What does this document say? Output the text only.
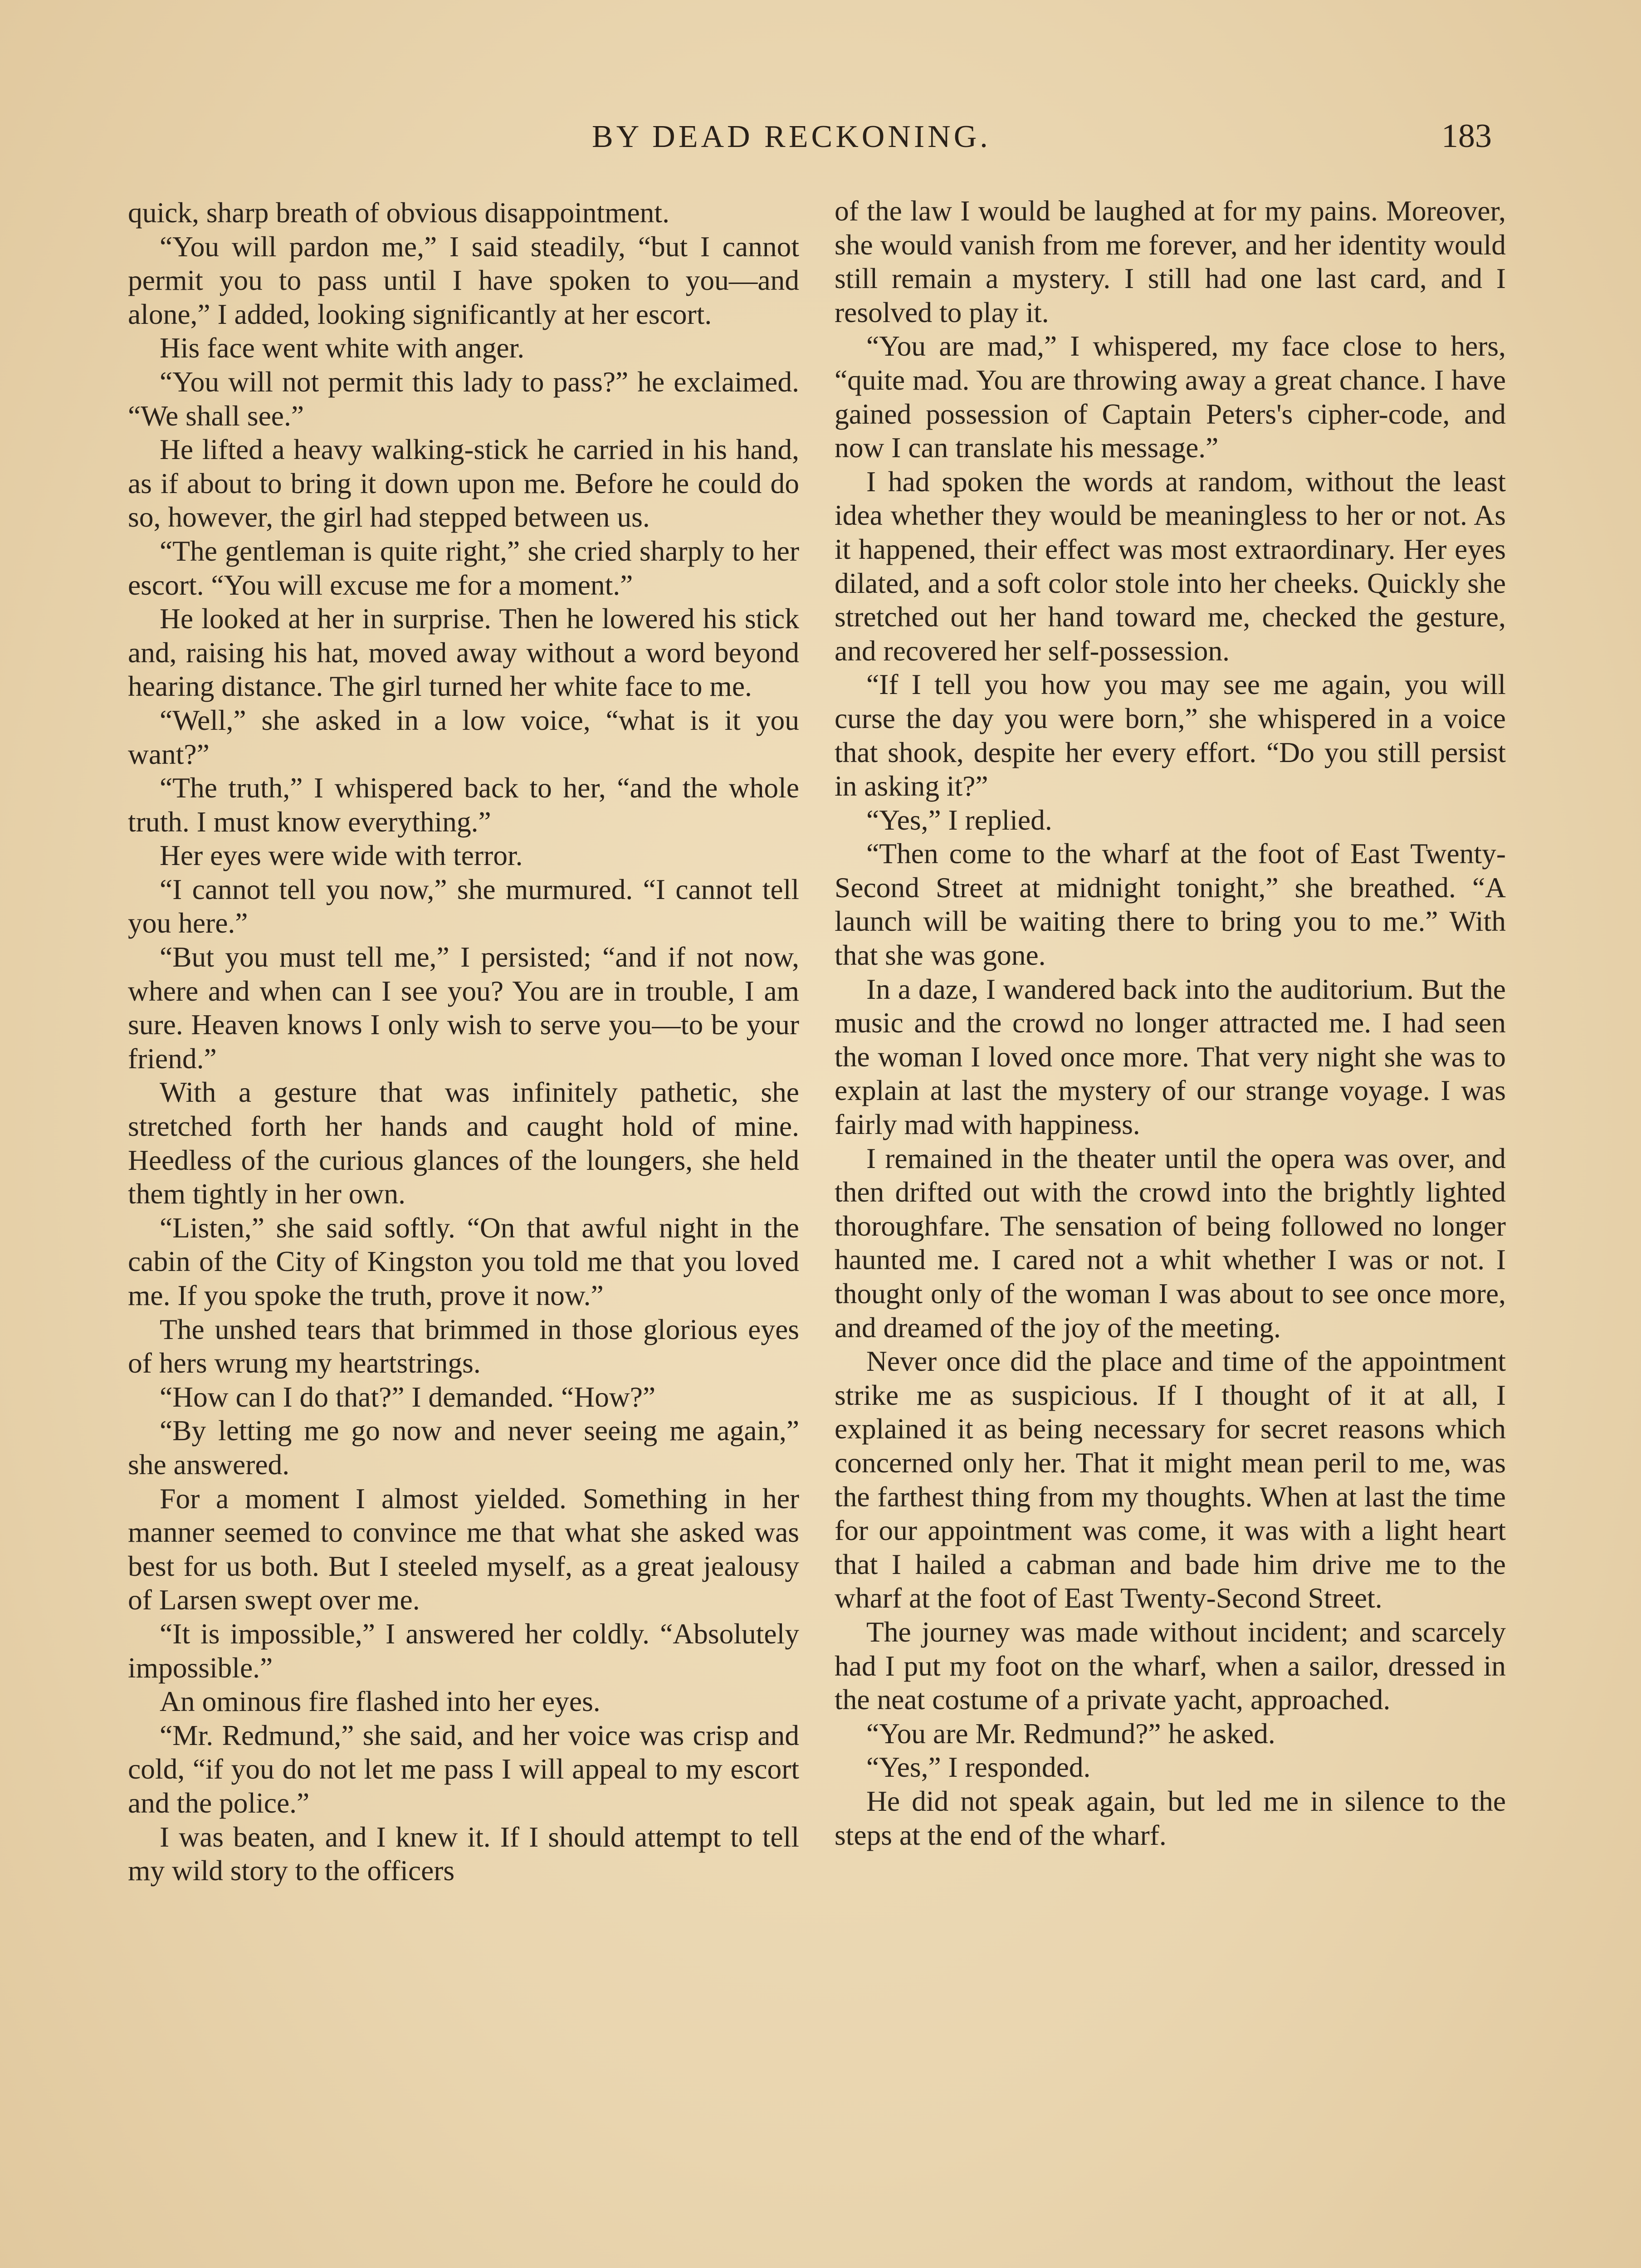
BY DEAD RECKONING.	183

quick, sharp breath of obvious disappointment.

“You will pardon me,” I said steadily, “but I cannot permit you to pass until I have spoken to you—and alone,” I added, looking significantly at her escort.

His face went white with anger.

“You will not permit this lady to pass?” he exclaimed. “We shall see.”

He lifted a heavy walking-stick he carried in his hand, as if about to bring it down upon me. Before he could do so, however, the girl had stepped between us.

“The gentleman is quite right,” she cried sharply to her escort. “You will excuse me for a moment.”

He looked at her in surprise. Then he lowered his stick and, raising his hat, moved away without a word beyond hearing distance. The girl turned her white face to me.

“Well,” she asked in a low voice, “what is it you want?”

“The truth,” I whispered back to her, “and the whole truth. I must know everything.”

Her eyes were wide with terror.

“I cannot tell you now,” she murmured. “I cannot tell you here.”

“But you must tell me,” I persisted; “and if not now, where and when can I see you? You are in trouble, I am sure. Heaven knows I only wish to serve you—to be your friend.”

With a gesture that was infinitely pathetic, she stretched forth her hands and caught hold of mine. Heedless of the curious glances of the loungers, she held them tightly in her own.

“Listen,” she said softly. “On that awful night in the cabin of the City of Kingston you told me that you loved me. If you spoke the truth, prove it now.”

The unshed tears that brimmed in those glorious eyes of hers wrung my heartstrings.

“How can I do that?” I demanded. “How?”

“By letting me go now and never seeing me again,” she answered.

For a moment I almost yielded. Something in her manner seemed to convince me that what she asked was best for us both. But I steeled myself, as a great jealousy of Larsen swept over me.

“It is impossible,” I answered her coldly. “Absolutely impossible.”

An ominous fire flashed into her eyes.

“Mr. Redmund,” she said, and her voice was crisp and cold, “if you do not let me pass I will appeal to my escort and the police.”

I was beaten, and I knew it. If I should attempt to tell my wild story to the officers

of the law I would be laughed at for my pains. Moreover, she would vanish from me forever, and her identity would still remain a mystery. I still had one last card, and I resolved to play it.

“You are mad,” I whispered, my face close to hers, “quite mad. You are throwing away a great chance. I have gained possession of Captain Peters's cipher-code, and now I can translate his message.”

I had spoken the words at random, without the least idea whether they would be meaningless to her or not. As it happened, their effect was most extraordinary. Her eyes dilated, and a soft color stole into her cheeks. Quickly she stretched out her hand toward me, checked the gesture, and recovered her self-possession.

“If I tell you how you may see me again, you will curse the day you were born,” she whispered in a voice that shook, despite her every effort. “Do you still persist in asking it?”

“Yes,” I replied.

“Then come to the wharf at the foot of East Twenty-Second Street at midnight tonight,” she breathed. “A launch will be waiting there to bring you to me.” With that she was gone.

In a daze, I wandered back into the auditorium. But the music and the crowd no longer attracted me. I had seen the woman I loved once more. That very night she was to explain at last the mystery of our strange voyage. I was fairly mad with happiness.

I remained in the theater until the opera was over, and then drifted out with the crowd into the brightly lighted thoroughfare. The sensation of being followed no longer haunted me. I cared not a whit whether I was or not. I thought only of the woman I was about to see once more, and dreamed of the joy of the meeting.

Never once did the place and time of the appointment strike me as suspicious. If I thought of it at all, I explained it as being necessary for secret reasons which concerned only her. That it might mean peril to me, was the farthest thing from my thoughts. When at last the time for our appointment was come, it was with a light heart that I hailed a cabman and bade him drive me to the wharf at the foot of East Twenty-Second Street.

The journey was made without incident; and scarcely had I put my foot on the wharf, when a sailor, dressed in the neat costume of a private yacht, approached.

“You are Mr. Redmund?” he asked.

“Yes,” I responded.

He did not speak again, but led me in silence to the steps at the end of the wharf.
